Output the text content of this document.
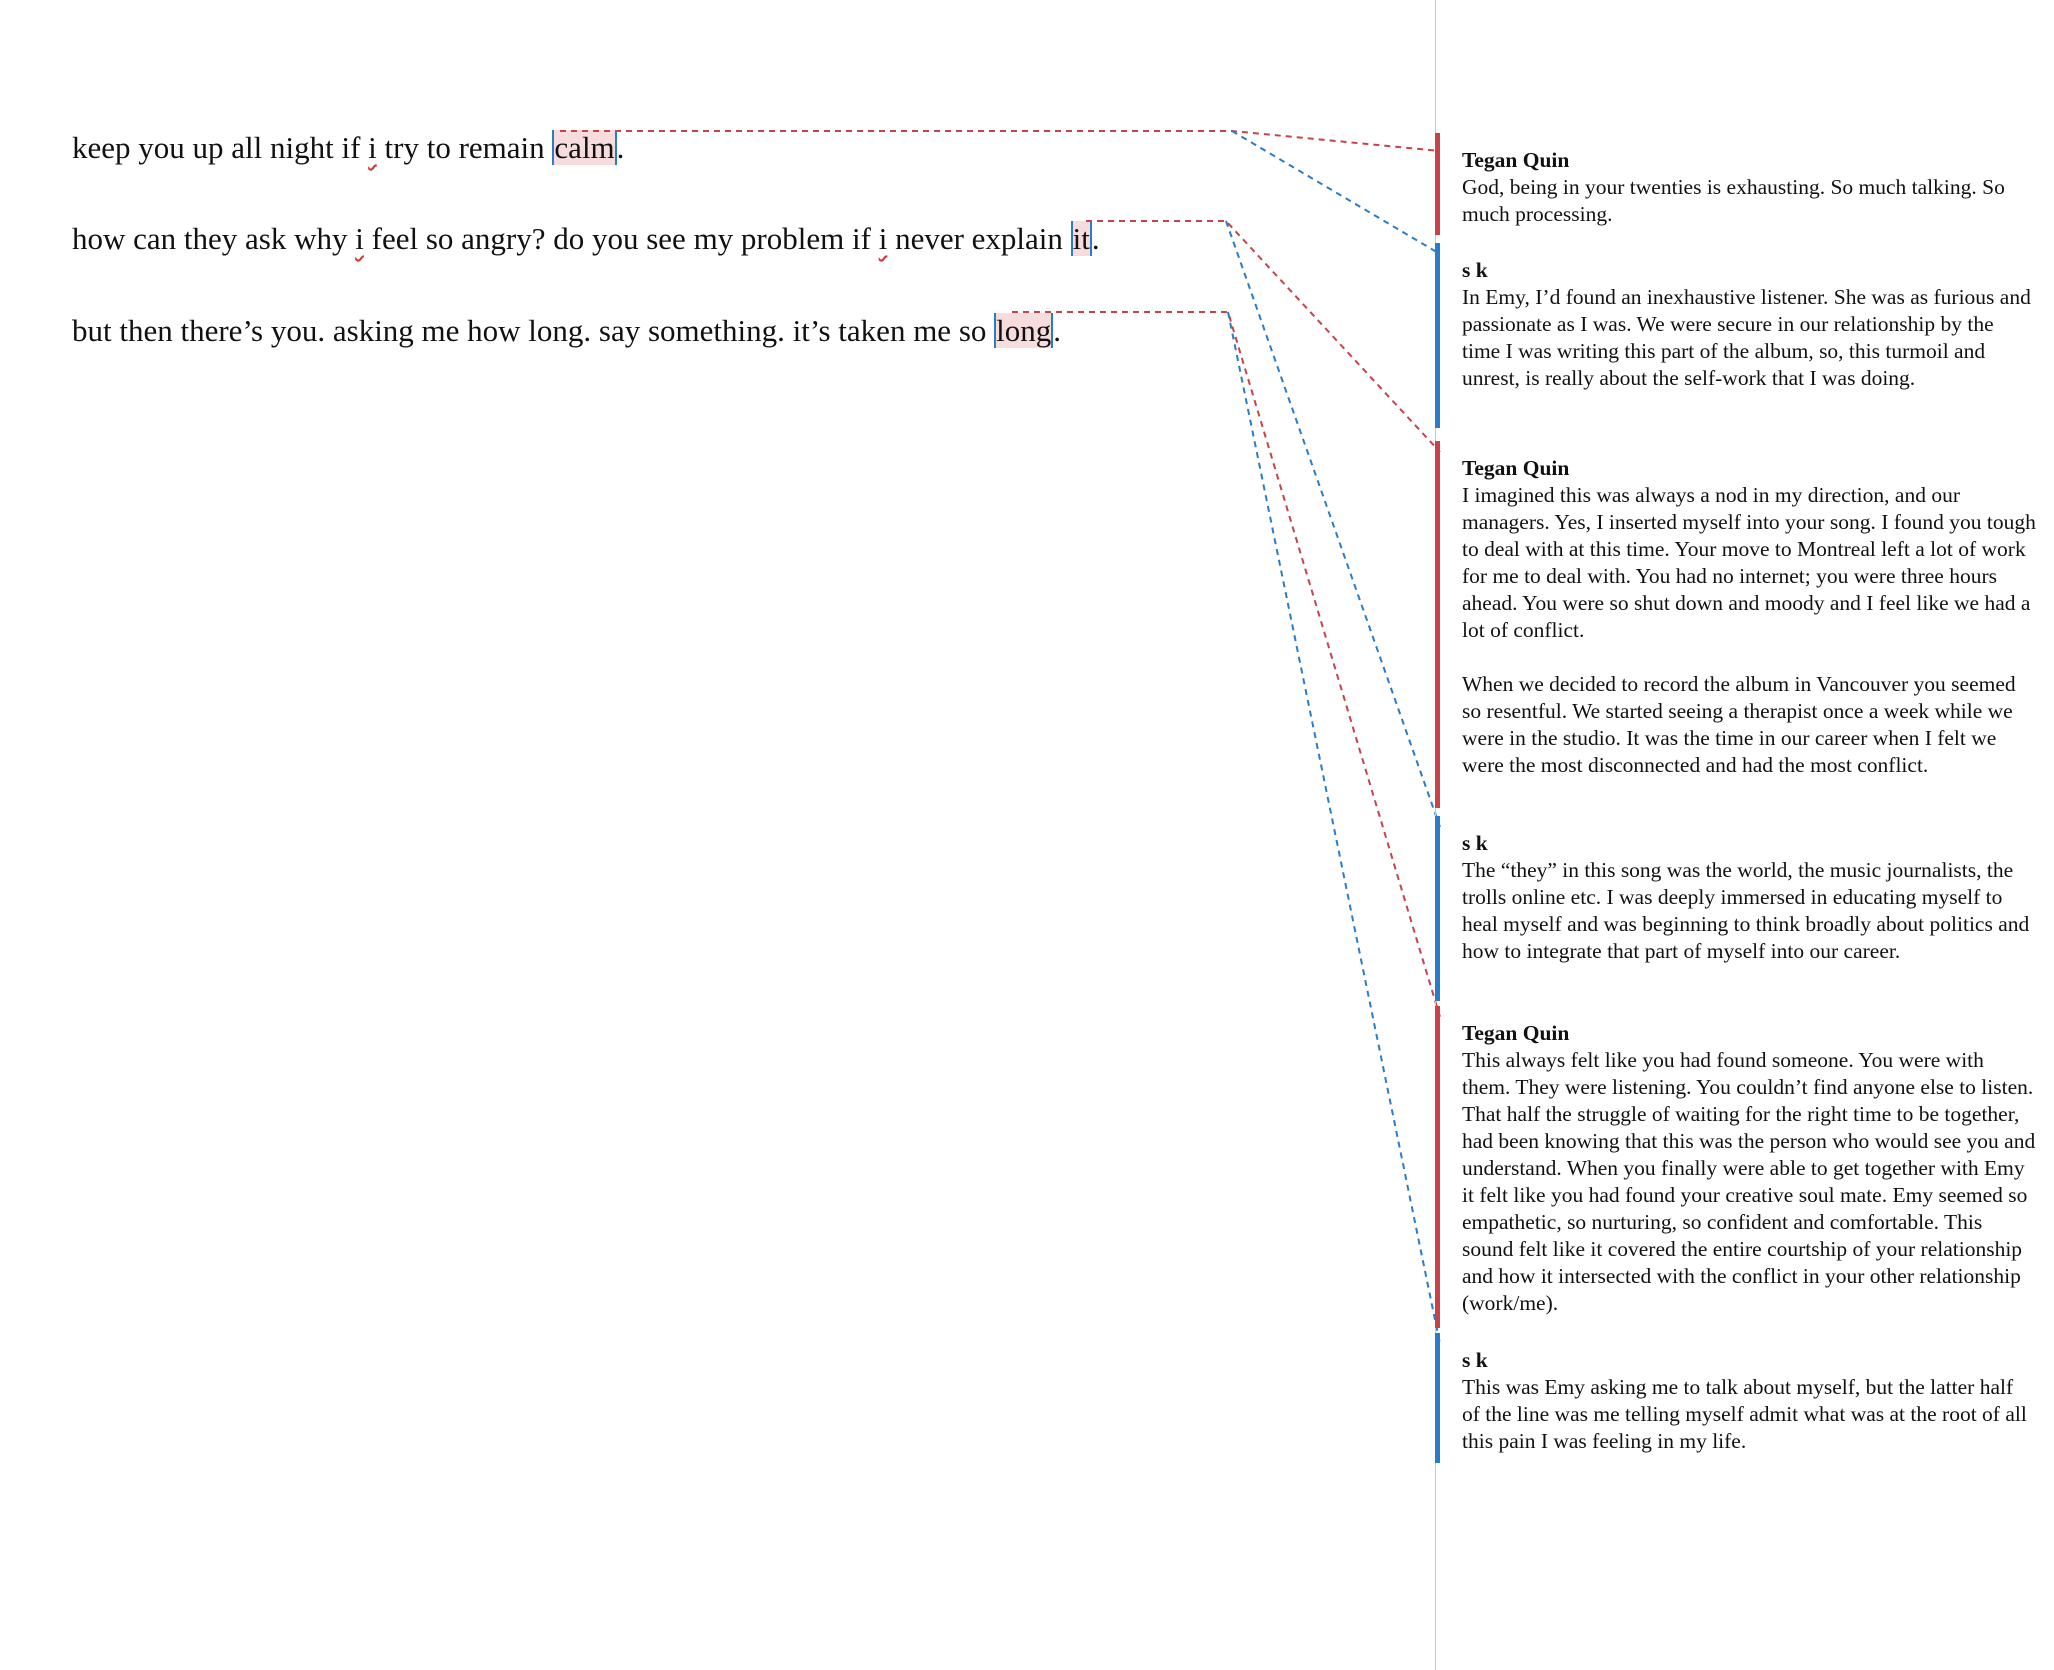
keep you up all night if i try to remain calm.

how can they ask why i feel so angry? do you see my problem if i never explain it.

but then there’s you. asking me how long. say something. it’s taken me so long.

Tegan Quin

God, being in your twenties is exhausting. So much talking. So much processing.

s k

In Emy, I’d found an inexhaustive listener. She was as furious and passionate as I was. We were secure in our relationship by the time I was writing this part of the album, so, this turmoil and unrest, is really about the self-work that I was doing.

Tegan Quin

I imagined this was always a nod in my direction, and our managers. Yes, I inserted myself into your song. I found you tough to deal with at this time. Your move to Montreal left a lot of work for me to deal with. You had no internet; you were three hours ahead. You were so shut down and moody and I feel like we had a lot of conflict.

When we decided to record the album in Vancouver you seemed so resentful. We started seeing a therapist once a week while we were in the studio. It was the time in our career when I felt we were the most disconnected and had the most conflict.

s k

The “they” in this song was the world, the music journalists, the trolls online etc. I was deeply immersed in educating myself to heal myself and was beginning to think broadly about politics and how to integrate that part of myself into our career.

Tegan Quin

This always felt like you had found someone. You were with them. They were listening. You couldn’t find anyone else to listen. That half the struggle of waiting for the right time to be together, had been knowing that this was the person who would see you and understand. When you finally were able to get together with Emy it felt like you had found your creative soul mate. Emy seemed so empathetic, so nurturing, so confident and comfortable. This sound felt like it covered the entire courtship of your relationship and how it intersected with the conflict in your other relationship (work/me).

s k

This was Emy asking me to talk about myself, but the latter half of the line was me telling myself admit what was at the root of all this pain I was feeling in my life.
